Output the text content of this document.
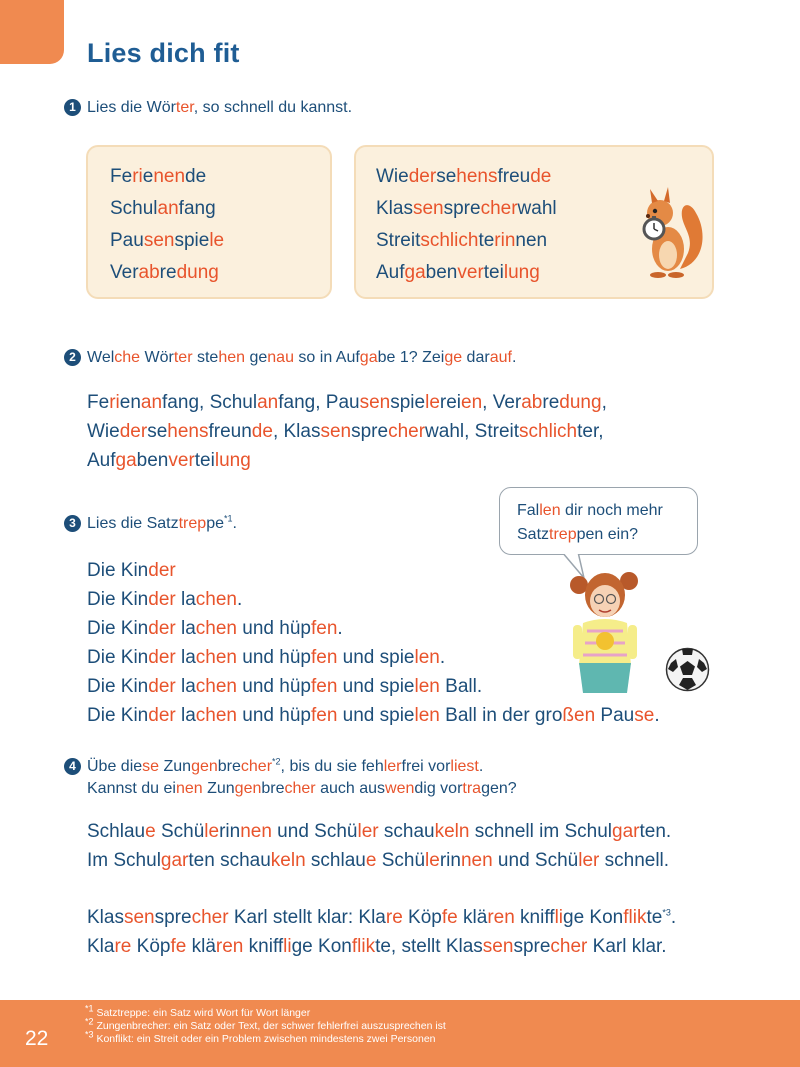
Lies dich fit
1 Lies die Wörter, so schnell du kannst.
Ferienende
Schulanfang
Pausenspiele
Verabredung
Wiedersehensfreude
Klassensprecherwahl
Streitschlichterinnen
Aufgabenverteilung
2 Welche Wörter stehen genau so in Aufgabe 1? Zeige darauf.
Ferienanfang, Schulanfang, Pausenspielereien, Verabredung,
Wiedersehensfreunde, Klassensprecherwahl, Streitschlichter,
Aufgabenverteilung
3 Lies die Satztreppe$^{*1}$.
Fallen dir noch mehr
Satztreppen ein?
Die Kinder
Die Kinder lachen.
Die Kinder lachen und hüpfen.
Die Kinder lachen und hüpfen und spielen.
Die Kinder lachen und hüpfen und spielen Ball.
Die Kinder lachen und hüpfen und spielen Ball in der großen Pause.
4 Übe diese Zungenbrecher$^{*2}$, bis du sie fehlerfrei vorliest.
Kannst du einen Zungenbrecher auch auswendig vortragen?
Schlaue Schülerinnen und Schüler schaukeln schnell im Schulgarten.
Im Schulgarten schaukeln schlaue Schülerinnen und Schüler schnell.
Klassensprecher Karl stellt klar: Klare Köpfe klären knifflige Konflikte$^{*3}$.
Klare Köpfe klären knifflige Konflikte, stellt Klassensprecher Karl klar.
22
$^{*1}$ Satztreppe: ein Satz wird Wort für Wort länger
$^{*2}$ Zungenbrecher: ein Satz oder Text, der schwer fehlerfrei auszusprechen ist
$^{*3}$ Konflikt: ein Streit oder ein Problem zwischen mindestens zwei Personen
